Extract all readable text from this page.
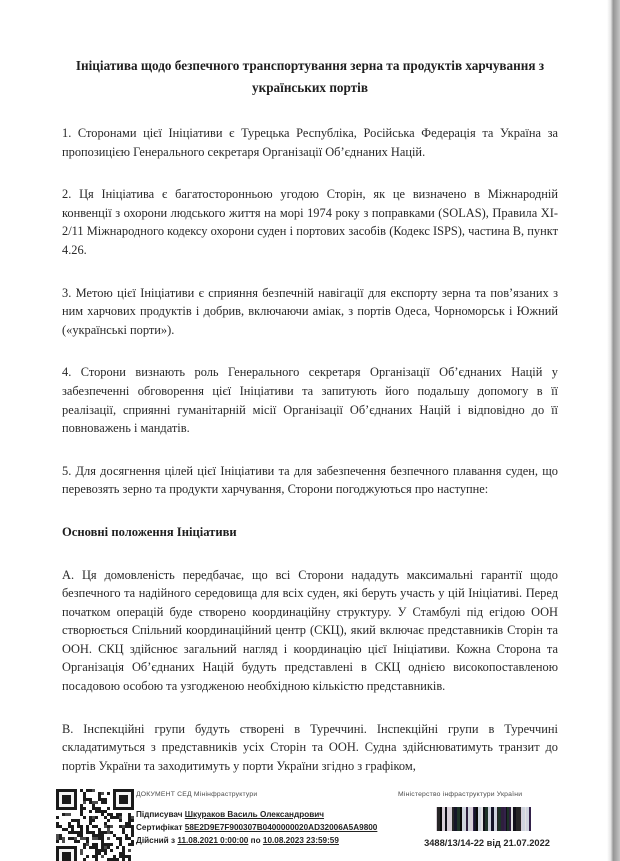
Ініціатива щодо безпечного транспортування зерна та продуктів харчування з українських портів

1. Сторонами цієї Ініціативи є Турецька Республіка, Російська Федерація та Україна за пропозицією Генерального секретаря Організації Об’єднаних Націй.

2. Ця Ініціатива є багатосторонньою угодою Сторін, як це визначено в Міжнародній конвенції з охорони людського життя на морі 1974 року з поправками (SOLAS), Правила XI-2/11 Міжнародного кодексу охорони суден і портових засобів (Кодекс ISPS), частина B, пункт 4.26.

3. Метою цієї Ініціативи є сприяння безпечній навігації для експорту зерна та пов’язаних з ним харчових продуктів і добрив, включаючи аміак, з портів Одеса, Чорноморськ і Южний («українські порти»).

4. Сторони визнають роль Генерального секретаря Організації Об’єднаних Націй у забезпеченні обговорення цієї Ініціативи та запитують його подальшу допомогу в її реалізації, сприянні гуманітарній місії Організації Об’єднаних Націй і відповідно до її повноважень і мандатів.

5. Для досягнення цілей цієї Ініціативи та для забезпечення безпечного плавання суден, що перевозять зерно та продукти харчування, Сторони погоджуються про наступне:

Основні положення Ініціативи

А. Ця домовленість передбачає, що всі Сторони нададуть максимальні гарантії щодо безпечного та надійного середовища для всіх суден, які беруть участь у цій Ініціативі. Перед початком операцій буде створено координаційну структуру. У Стамбулі під егідою ООН створюється Спільний координаційний центр (СКЦ), який включає представників Сторін та ООН. СКЦ здійснює загальний нагляд і координацію цієї Ініціативи. Кожна Сторона та Організація Об’єднаних Націй будуть представлені в СКЦ однією високопоставленою посадовою особою та узгодженою необхідною кількістю представників.

В. Інспекційні групи будуть створені в Туреччині. Інспекційні групи в Туреччині складатимуться з представників усіх Сторін та ООН. Судна здійснюватимуть транзит до портів України та заходитимуть у порти України згідно з графіком,

ДОКУМЕНТ СЕД Мінінфраструктури
Підписувач Шкураков Василь Олександрович
Сертифікат 58E2D9E7F900307B0400000020AD32006A5A9800
Дійсний з 11.08.2021 0:00:00 по 10.08.2023 23:59:59
Міністерство інфраструктури України
3488/13/14-22 від 21.07.2022
